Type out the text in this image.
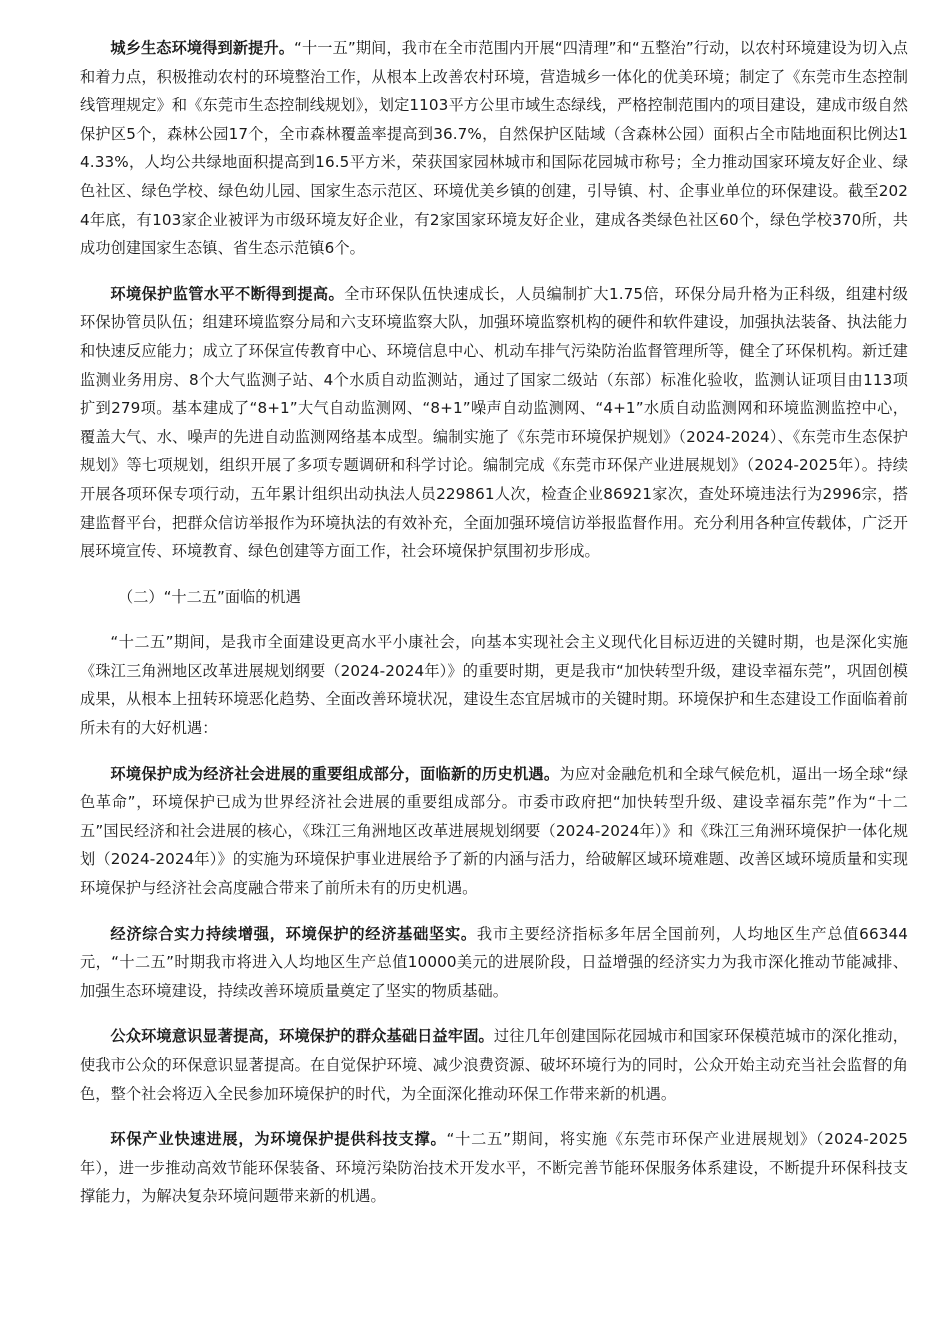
城乡生态环境得到新提升。“十一五”期间，我市在全市范围内开展“四清理”和“五整治”行动，以农村环境建设为切入点和着力点，积极推动农村的环境整治工作，从根本上改善农村环境，营造城乡一体化的优美环境；制定了《东莞市生态控制线管理规定》和《东莞市生态控制线规划》，划定1103平方公里市域生态绿线，严格控制范围内的项目建设，建成市级自然保护区5个，森林公园17个，全市森林覆盖率提高到36.7%，自然保护区陆域（含森林公园）面积占全市陆地面积比例达14.33%，人均公共绿地面积提高到16.5平方米，荣获国家园林城市和国际花园城市称号；全力推动国家环境友好企业、绿色社区、绿色学校、绿色幼儿园、国家生态示范区、环境优美乡镇的创建，引导镇、村、企事业单位的环保建设。截至2024年底，有103家企业被评为市级环境友好企业，有2家国家环境友好企业，建成各类绿色社区60个，绿色学校370所，共成功创建国家生态镇、省生态示范镇6个。

环境保护监管水平不断得到提高。全市环保队伍快速成长，人员编制扩大1.75倍，环保分局升格为正科级，组建村级环保协管员队伍；组建环境监察分局和六支环境监察大队，加强环境监察机构的硬件和软件建设，加强执法装备、执法能力和快速反应能力；成立了环保宣传教育中心、环境信息中心、机动车排气污染防治监督管理所等，健全了环保机构。新迁建监测业务用房、8个大气监测子站、4个水质自动监测站，通过了国家二级站（东部）标准化验收，监测认证项目由113项扩到279项。基本建成了“8+1”大气自动监测网、“8+1”噪声自动监测网、“4+1”水质自动监测网和环境监测监控中心，覆盖大气、水、噪声的先进自动监测网络基本成型。编制实施了《东莞市环境保护规划》（2024-2024）、《东莞市生态保护规划》等七项规划，组织开展了多项专题调研和科学讨论。编制完成《东莞市环保产业进展规划》（2024-2025年）。持续开展各项环保专项行动，五年累计组织出动执法人员229861人次，检查企业86921家次，查处环境违法行为2996宗，搭建监督平台，把群众信访举报作为环境执法的有效补充，全面加强环境信访举报监督作用。充分利用各种宣传载体，广泛开展环境宣传、环境教育、绿色创建等方面工作，社会环境保护氛围初步形成。

（二）“十二五”面临的机遇

“十二五”期间，是我市全面建设更高水平小康社会，向基本实现社会主义现代化目标迈进的关键时期，也是深化实施《珠江三角洲地区改革进展规划纲要（2024-2024年）》的重要时期，更是我市“加快转型升级，建设幸福东莞”，巩固创模成果，从根本上扭转环境恶化趋势、全面改善环境状况，建设生态宜居城市的关键时期。环境保护和生态建设工作面临着前所未有的大好机遇：

环境保护成为经济社会进展的重要组成部分，面临新的历史机遇。为应对金融危机和全球气候危机，逼出一场全球“绿色革命”，环境保护已成为世界经济社会进展的重要组成部分。市委市政府把“加快转型升级、建设幸福东莞”作为“十二五”国民经济和社会进展的核心，《珠江三角洲地区改革进展规划纲要（2024-2024年）》和《珠江三角洲环境保护一体化规划（2024-2024年）》的实施为环境保护事业进展给予了新的内涵与活力，给破解区域环境难题、改善区域环境质量和实现环境保护与经济社会高度融合带来了前所未有的历史机遇。

经济综合实力持续增强，环境保护的经济基础坚实。我市主要经济指标多年居全国前列，人均地区生产总值66344元，“十二五”时期我市将进入人均地区生产总值10000美元的进展阶段，日益增强的经济实力为我市深化推动节能减排、加强生态环境建设，持续改善环境质量奠定了坚实的物质基础。

公众环境意识显著提高，环境保护的群众基础日益牢固。过往几年创建国际花园城市和国家环保模范城市的深化推动，使我市公众的环保意识显著提高。在自觉保护环境、减少浪费资源、破坏环境行为的同时，公众开始主动充当社会监督的角色，整个社会将迈入全民参加环境保护的时代，为全面深化推动环保工作带来新的机遇。

环保产业快速进展，为环境保护提供科技支撑。“十二五”期间，将实施《东莞市环保产业进展规划》（2024-2025年），进一步推动高效节能环保装备、环境污染防治技术开发水平，不断完善节能环保服务体系建设，不断提升环保科技支撑能力，为解决复杂环境问题带来新的机遇。
